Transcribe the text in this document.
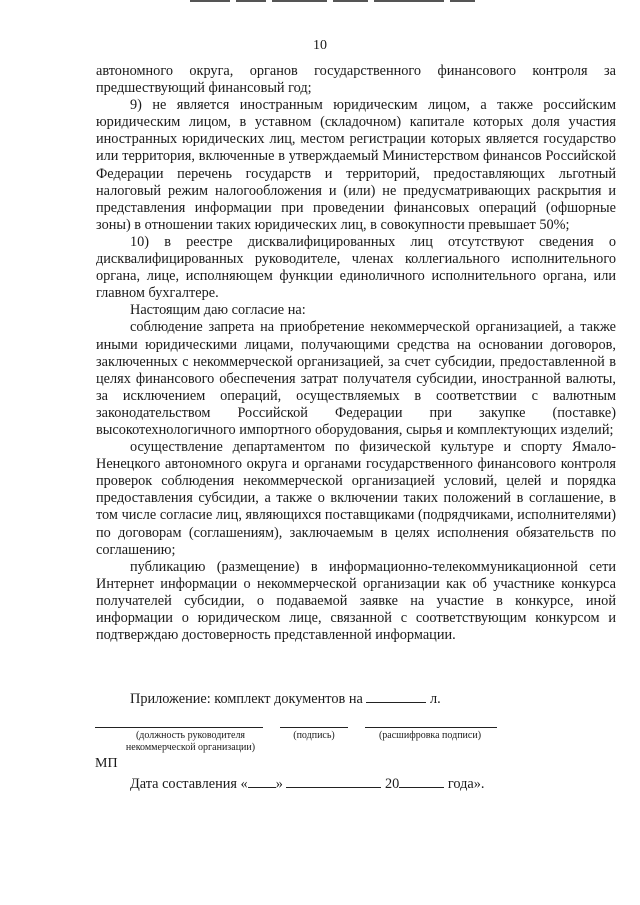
10

автономного округа, органов государственного финансового контроля за предшествующий финансовый год;

9) не является иностранным юридическим лицом, а также российским юридическим лицом, в уставном (складочном) капитале которых доля участия иностранных юридических лиц, местом регистрации которых является государство или территория, включенные в утверждаемый Министерством финансов Российской Федерации перечень государств и территорий, предоставляющих льготный налоговый режим налогообложения и (или) не предусматривающих раскрытия и представления информации при проведении финансовых операций (офшорные зоны) в отношении таких юридических лиц, в совокупности превышает 50%;

10) в реестре дисквалифицированных лиц отсутствуют сведения о дисквалифицированных руководителе, членах коллегиального исполнительного органа, лице, исполняющем функции единоличного исполнительного органа, или главном бухгалтере.

Настоящим даю согласие на:

соблюдение запрета на приобретение некоммерческой организацией, а также иными юридическими лицами, получающими средства на основании договоров, заключенных с некоммерческой организацией, за счет субсидии, предоставленной в целях финансового обеспечения затрат получателя субсидии, иностранной валюты, за исключением операций, осуществляемых в соответствии с валютным законодательством Российской Федерации при закупке (поставке) высокотехнологичного импортного оборудования, сырья и комплектующих изделий;

осуществление департаментом по физической культуре и спорту Ямало-Ненецкого автономного округа и органами государственного финансового контроля проверок соблюдения некоммерческой организацией условий, целей и порядка предоставления субсидии, а также о включении таких положений в соглашение, в том числе согласие лиц, являющихся поставщиками (подрядчиками, исполнителями) по договорам (соглашениям), заключаемым в целях исполнения обязательств по соглашению;

публикацию (размещение) в информационно-телекоммуникационной сети Интернет информации о некоммерческой организации как об участнике конкурса получателей субсидии, о подаваемой заявке на участие в конкурсе, иной информации о юридическом лице, связанной с соответствующим конкурсом и подтверждаю достоверность представленной информации.

Приложение: комплект документов на	л.
(должность руководителя
некоммерческой организации)
(подпись)	(расшифровка подписи)
МП
Дата составления « »	20	года».
